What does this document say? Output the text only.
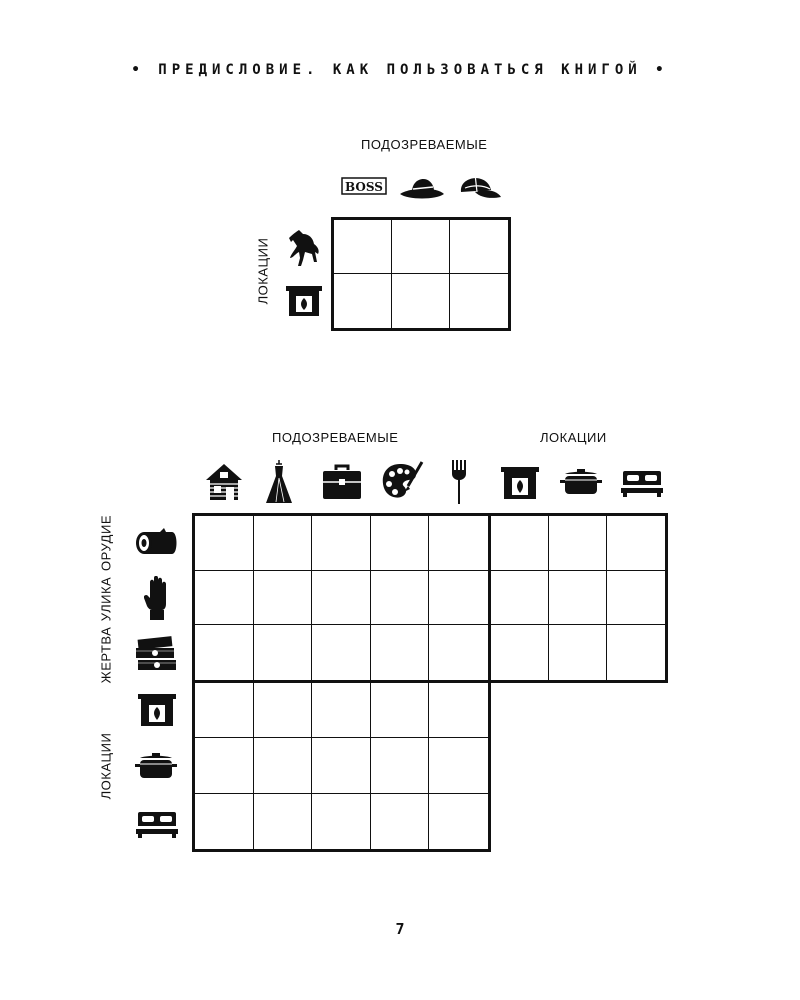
• ПРЕДИСЛОВИЕ. КАК ПОЛЬЗОВАТЬСЯ КНИГОЙ •
ПОДОЗРЕВАЕМЫЕ
BOSS
ЛОКАЦИИ
ПОДОЗРЕВАЕМЫЕ	ЛОКАЦИИ
ОРУДИЕ
УЛИКА
ЖЕРТВА
ЛОКАЦИИ
7
